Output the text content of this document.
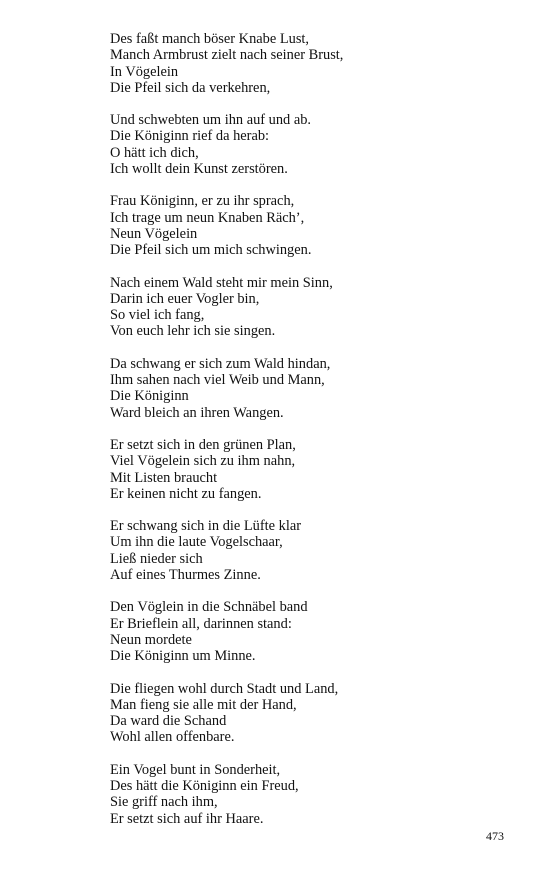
Des faßt manch böser Knabe Lust,
Manch Armbrust zielt nach seiner Brust,
In Vögelein
Die Pfeil sich da verkehren,
Und schwebten um ihn auf und ab.
Die Königinn rief da herab:
O hätt ich dich,
Ich wollt dein Kunst zerstören.
Frau Königinn, er zu ihr sprach,
Ich trage um neun Knaben Räch’,
Neun Vögelein
Die Pfeil sich um mich schwingen.
Nach einem Wald steht mir mein Sinn,
Darin ich euer Vogler bin,
So viel ich fang,
Von euch lehr ich sie singen.
Da schwang er sich zum Wald hindan,
Ihm sahen nach viel Weib und Mann,
Die Königinn
Ward bleich an ihren Wangen.
Er setzt sich in den grünen Plan,
Viel Vögelein sich zu ihm nahn,
Mit Listen braucht
Er keinen nicht zu fangen.
Er schwang sich in die Lüfte klar
Um ihn die laute Vogelschaar,
Ließ nieder sich
Auf eines Thurmes Zinne.
Den Vöglein in die Schnäbel band
Er Brieflein all, darinnen stand:
Neun mordete
Die Königinn um Minne.
Die fliegen wohl durch Stadt und Land,
Man fieng sie alle mit der Hand,
Da ward die Schand
Wohl allen offenbare.
Ein Vogel bunt in Sonderheit,
Des hätt die Königinn ein Freud,
Sie griff nach ihm,
Er setzt sich auf ihr Haare.
473
